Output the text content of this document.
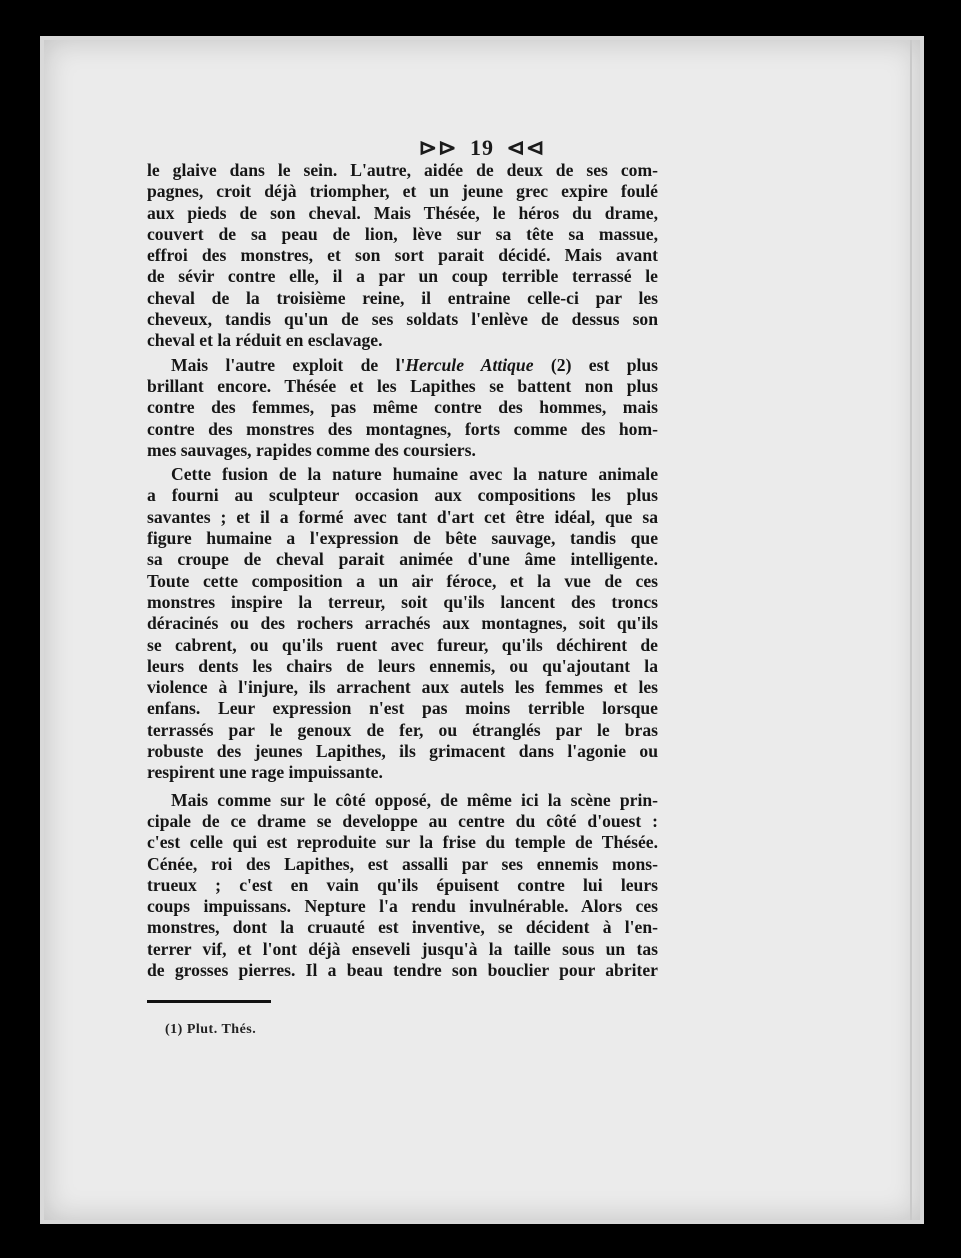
⊳⊳ 19 ⊲⊲
le glaive dans le sein. L'autre, aidée de deux de ses com-
pagnes, croit déjà triompher, et un jeune grec expire foulé
aux pieds de son cheval. Mais Thésée, le héros du drame,
couvert de sa peau de lion, lève sur sa tête sa massue,
effroi des monstres, et son sort parait décidé. Mais avant
de sévir contre elle, il a par un coup terrible terrassé le
cheval de la troisième reine, il entraine celle-ci par les
cheveux, tandis qu'un de ses soldats l'enlève de dessus son
cheval et la réduit en esclavage.
Mais l'autre exploit de l'Hercule Attique (2) est plus
brillant encore. Thésée et les Lapithes se battent non plus
contre des femmes, pas même contre des hommes, mais
contre des monstres des montagnes, forts comme des hom-
mes sauvages, rapides comme des coursiers.
Cette fusion de la nature humaine avec la nature animale
a fourni au sculpteur occasion aux compositions les plus
savantes ; et il a formé avec tant d'art cet être idéal, que sa
figure humaine a l'expression de bête sauvage, tandis que
sa croupe de cheval parait animée d'une âme intelligente.
Toute cette composition a un air féroce, et la vue de ces
monstres inspire la terreur, soit qu'ils lancent des troncs
déracinés ou des rochers arrachés aux montagnes, soit qu'ils
se cabrent, ou qu'ils ruent avec fureur, qu'ils déchirent de
leurs dents les chairs de leurs ennemis, ou qu'ajoutant la
violence à l'injure, ils arrachent aux autels les femmes et les
enfans. Leur expression n'est pas moins terrible lorsque
terrassés par le genoux de fer, ou étranglés par le bras
robuste des jeunes Lapithes, ils grimacent dans l'agonie ou
respirent une rage impuissante.
Mais comme sur le côté opposé, de même ici la scène prin-
cipale de ce drame se developpe au centre du côté d'ouest :
c'est celle qui est reproduite sur la frise du temple de Thésée.
Cénée, roi des Lapithes, est assalli par ses ennemis mons-
trueux ; c'est en vain qu'ils épuisent contre lui leurs
coups impuissans. Nepture l'a rendu invulnérable. Alors ces
monstres, dont la cruauté est inventive, se décident à l'en-
terrer vif, et l'ont déjà enseveli jusqu'à la taille sous un tas
de grosses pierres. Il a beau tendre son bouclier pour abriter
(1) Plut. Thés.
